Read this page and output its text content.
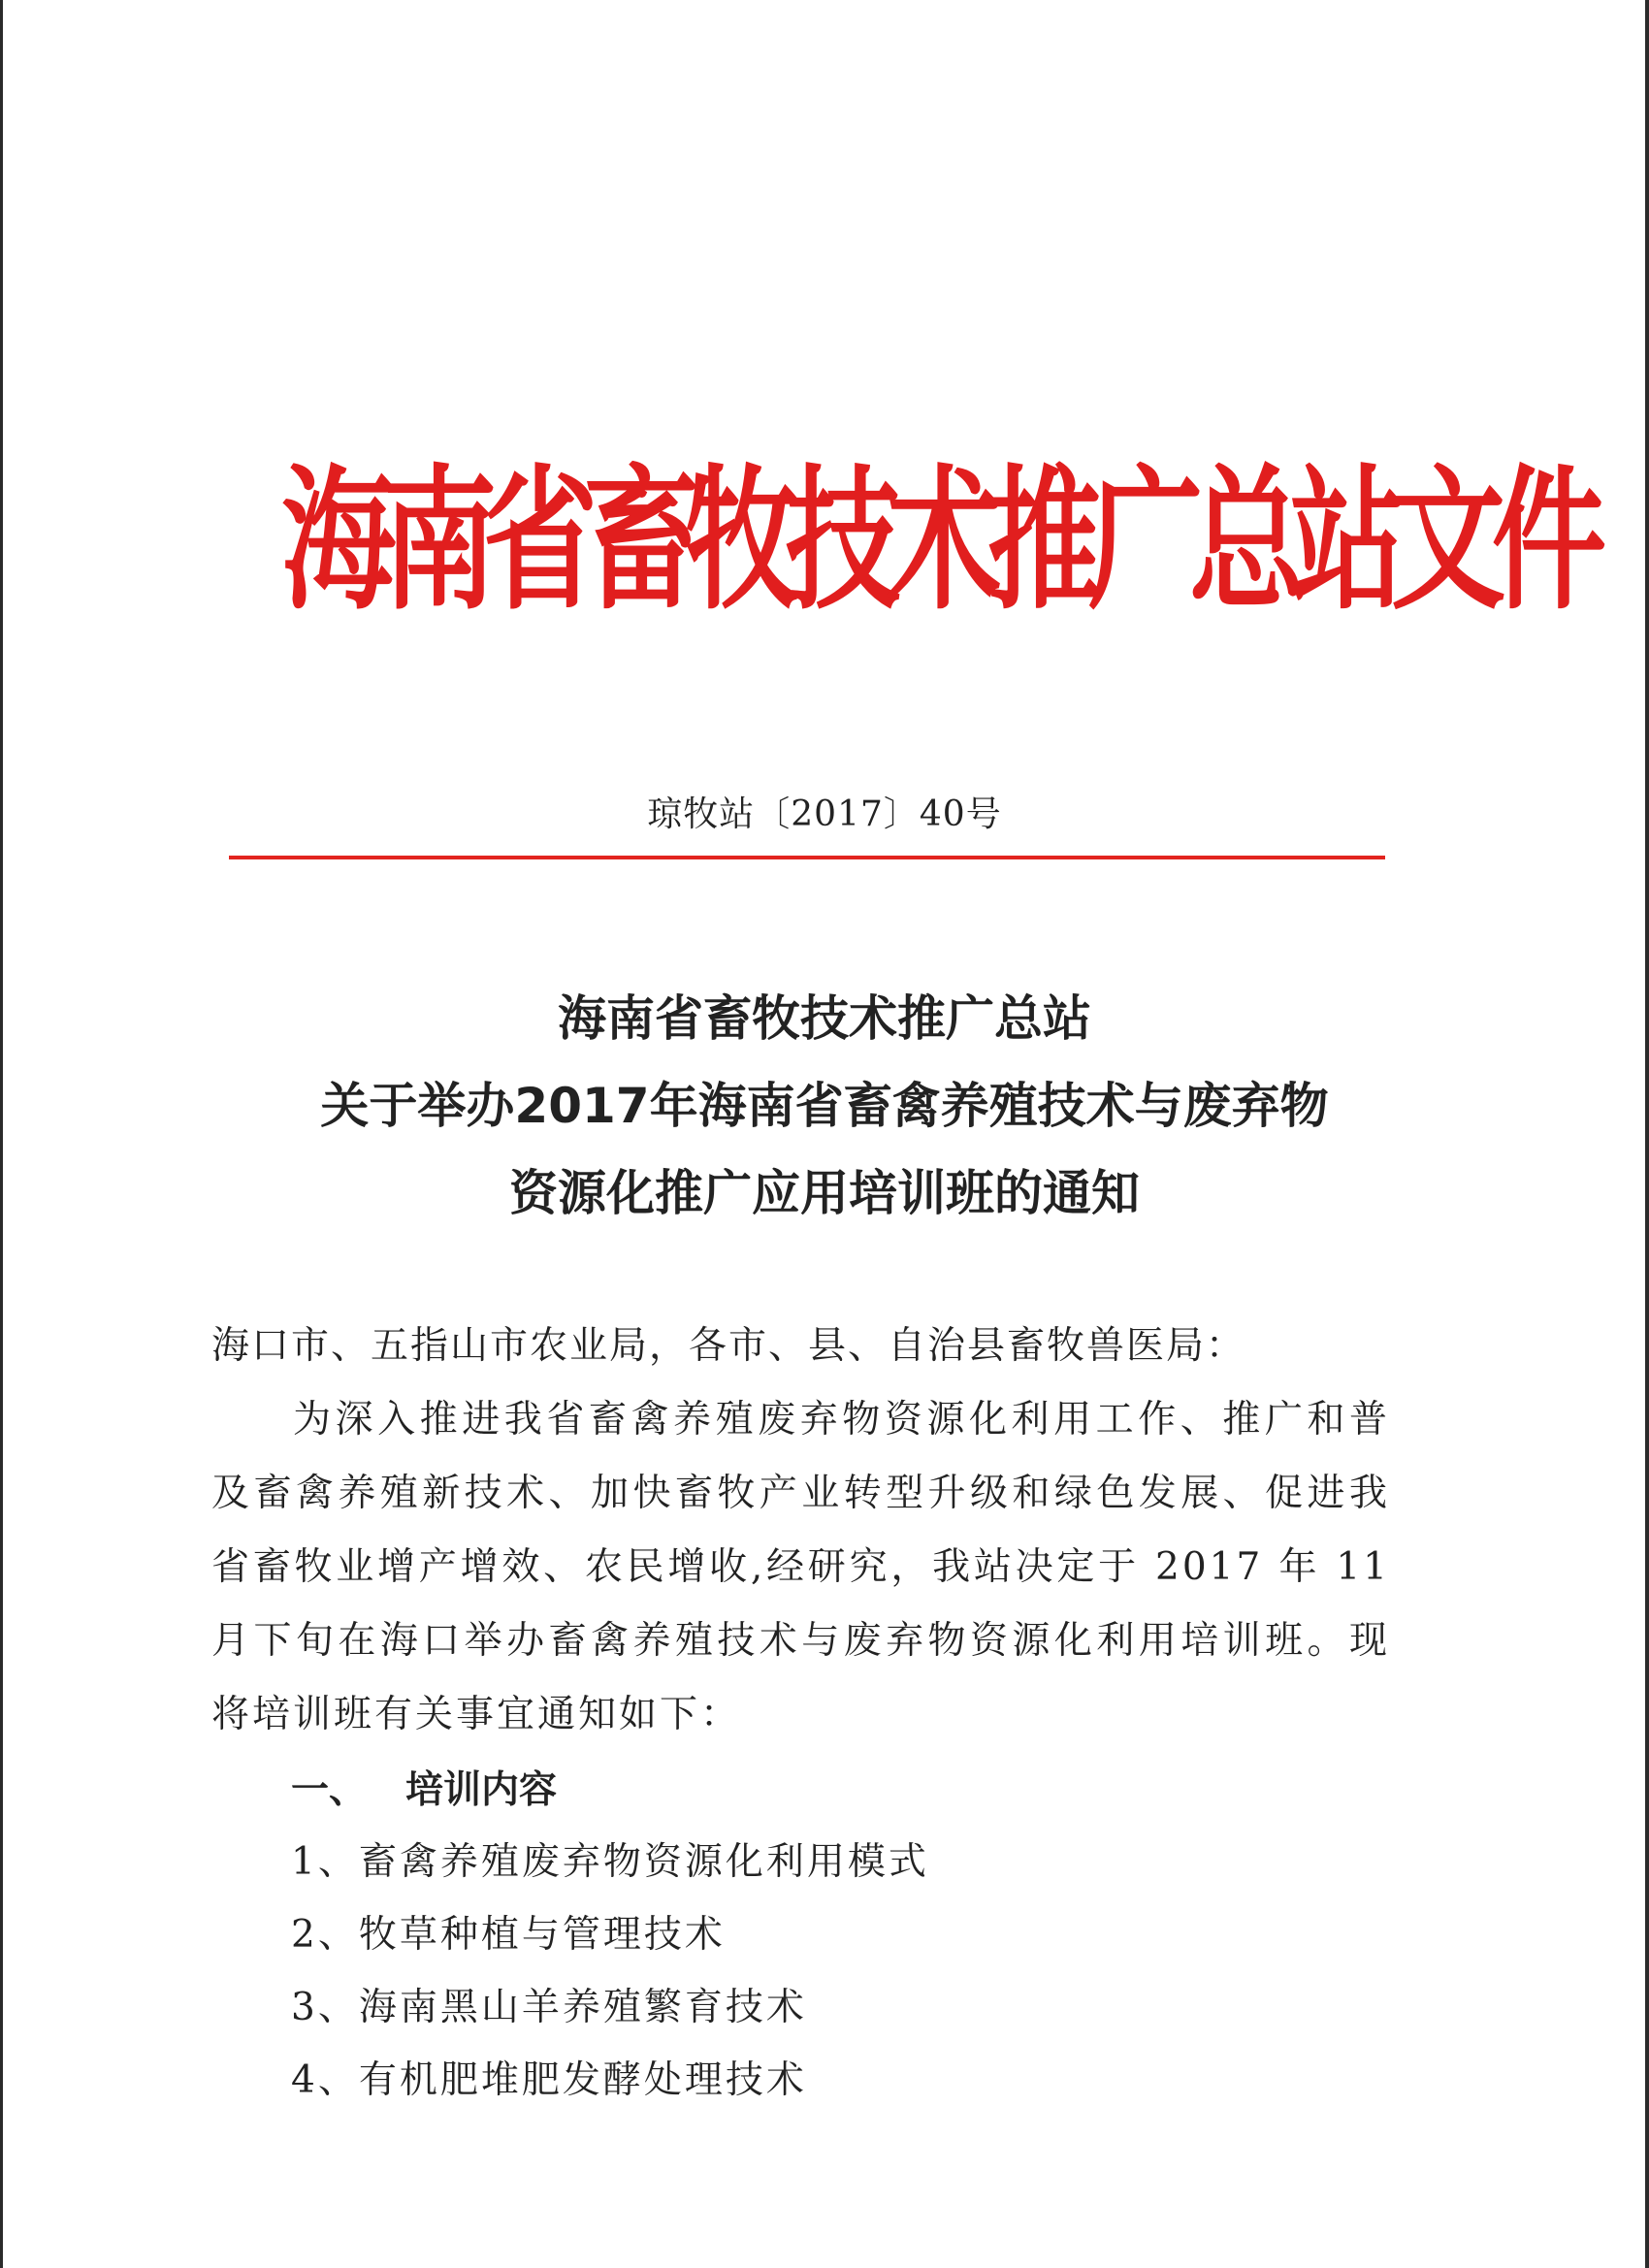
海南省畜牧技术推广总站文件
琼牧站〔2017〕40号
海南省畜牧技术推广总站
关于举办2017年海南省畜禽养殖技术与废弃物
资源化推广应用培训班的通知
海口市、五指山市农业局，各市、县、自治县畜牧兽医局：

为深入推进我省畜禽养殖废弃物资源化利用工作、推广和普及畜禽养殖新技术、加快畜牧产业转型升级和绿色发展、促进我省畜牧业增产增效、农民增收,经研究，我站决定于 2017 年 11 月下旬在海口举办畜禽养殖技术与废弃物资源化利用培训班。现将培训班有关事宜通知如下：

一、 培训内容
1、畜禽养殖废弃物资源化利用模式
2、牧草种植与管理技术
3、海南黑山羊养殖繁育技术
4、有机肥堆肥发酵处理技术
